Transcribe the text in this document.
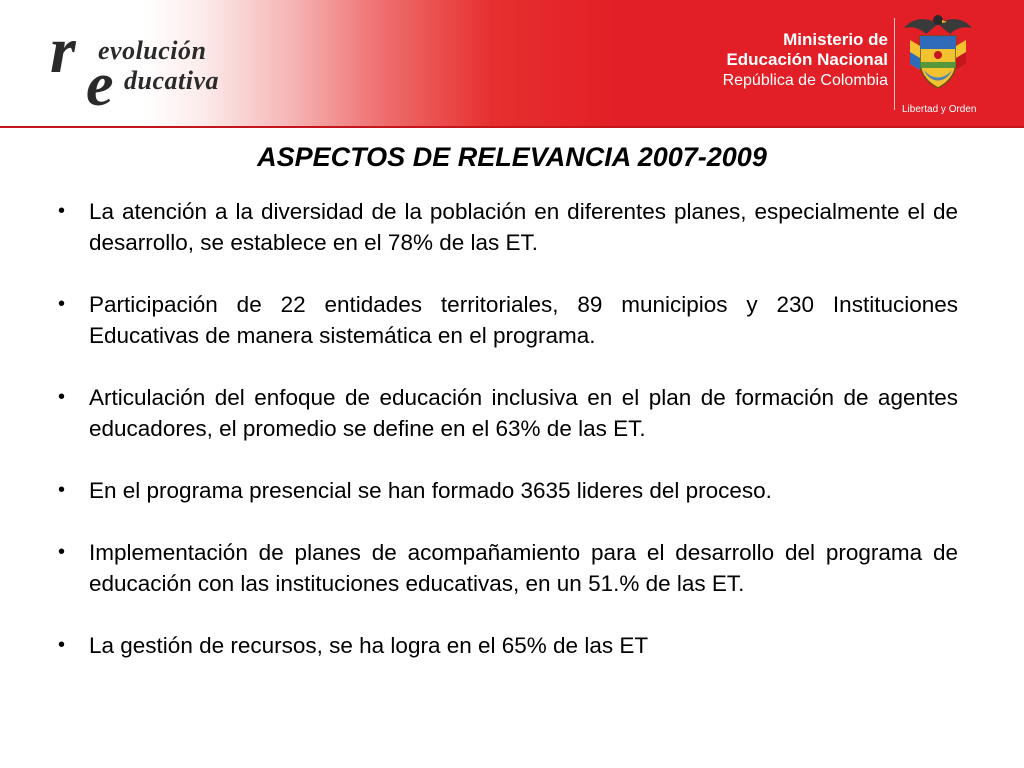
r e
evolución
ducativa
Ministerio de
Educación Nacional
República de Colombia
Libertad y Orden
ASPECTOS DE RELEVANCIA 2007-2009
• La atención a la diversidad de la población en diferentes planes, especialmente el de desarrollo, se establece en el 78% de las ET.
• Participación de 22 entidades territoriales, 89 municipios y 230 Instituciones Educativas de manera sistemática en el programa.
• Articulación del enfoque de educación inclusiva en el plan de formación de agentes educadores, el promedio se define en el 63% de las ET.
• En el programa presencial se han formado 3635 lideres del proceso.
• Implementación de planes de acompañamiento para el desarrollo del programa de educación con las instituciones educativas, en un 51.% de las ET.
• La gestión de recursos, se ha logra en el 65% de las ET
